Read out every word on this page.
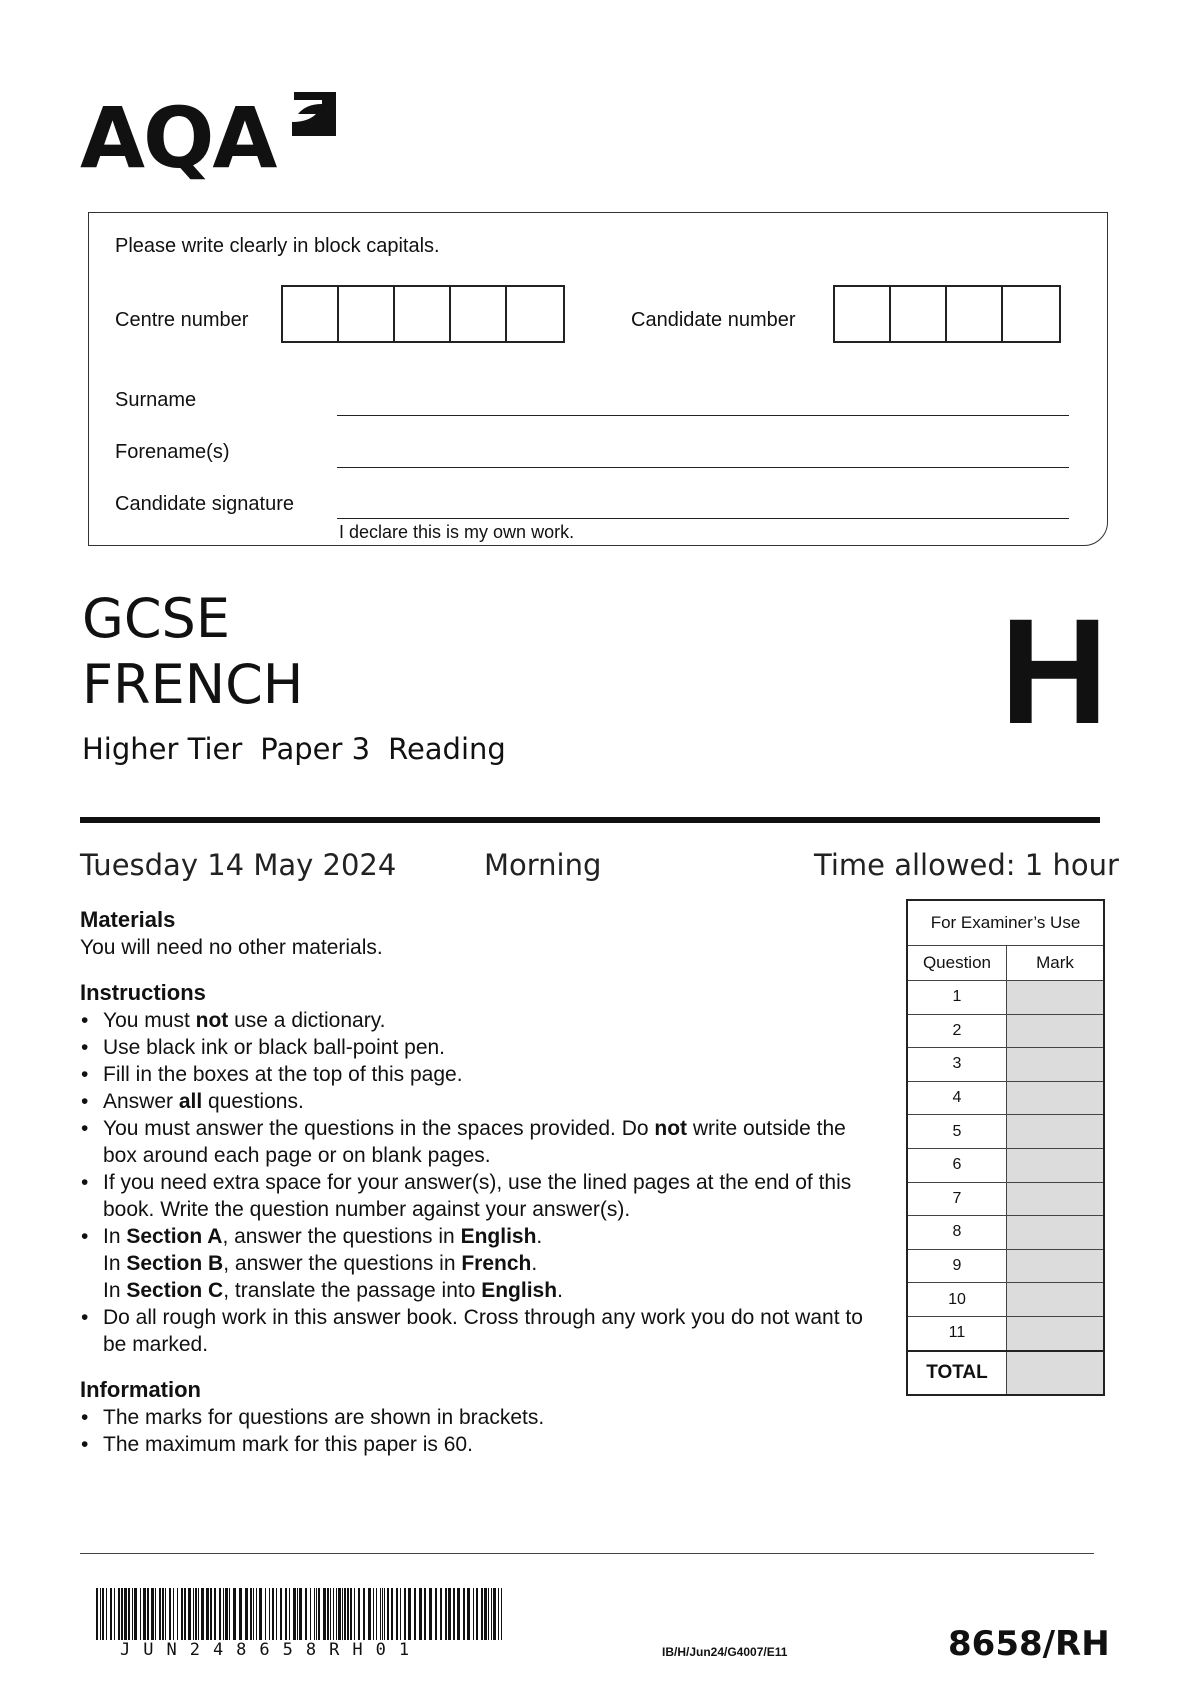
AQA
Please write clearly in block capitals.
Centre number	Candidate number
Surname
Forename(s)
Candidate signature
I declare this is my own work.
GCSE
FRENCH
Higher Tier Paper 3 Reading	H
Tuesday 14 May 2024	Morning	Time allowed: 1 hour
Materials

You will need no other materials.

Instructions
• You must not use a dictionary.
• Use black ink or black ball-point pen.
• Fill in the boxes at the top of this page.
• Answer all questions.
• You must answer the questions in the spaces provided. Do not write outside the box around each page or on blank pages.
• If you need extra space for your answer(s), use the lined pages at the end of this book. Write the question number against your answer(s).
• In Section A, answer the questions in English.
In Section B, answer the questions in French.
In Section C, translate the passage into English.
• Do all rough work in this answer book. Cross through any work you do not want to be marked.
Information
• The marks for questions are shown in brackets.
• The maximum mark for this paper is 60.
For Examiner’s Use	
Question	Mark
1	
2	
3	
4	
5	
6	
7	
8	
9	
10	
11	
TOTAL	
JUN248658RH01	IB/H/Jun24/G4007/E11	8658/RH
